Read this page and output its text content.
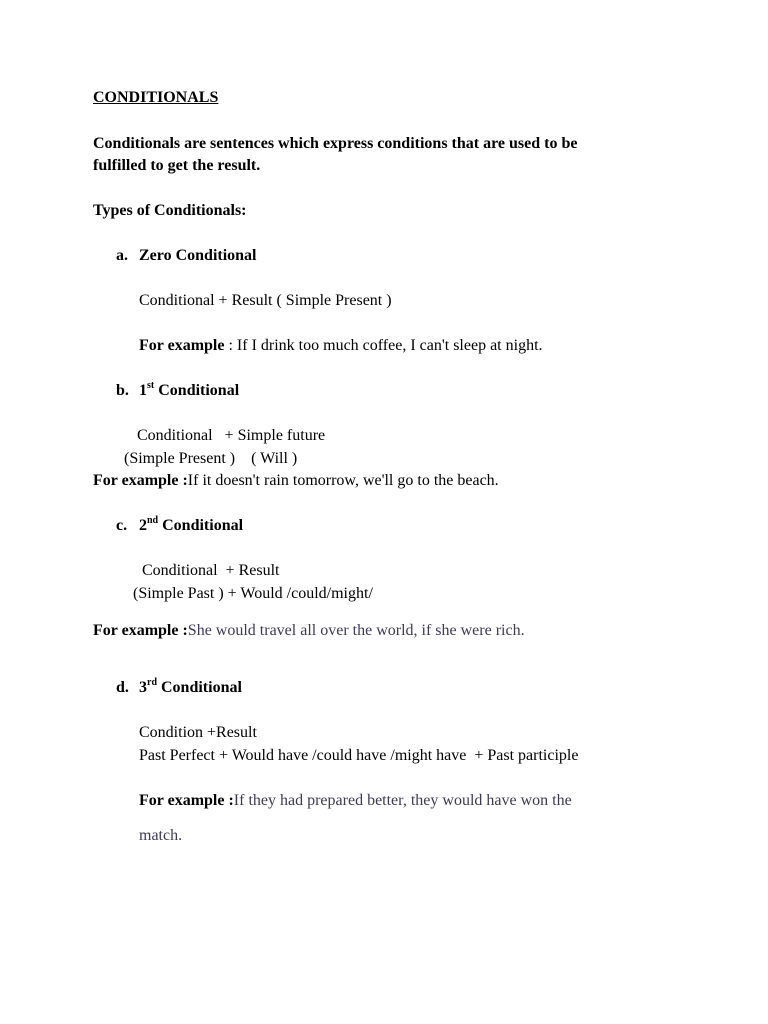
CONDITIONALS
Conditionals are sentences which express conditions that are used to be
fulfilled to get the result.
Types of Conditionals:
a. Zero Conditional
Conditional + Result ( Simple Present )
For example : If I drink too much coffee, I can't sleep at night.
b. 1st Conditional
Conditional   + Simple future
(Simple Present )    ( Will )
For example :If it doesn't rain tomorrow, we'll go to the beach.
c. 2nd Conditional
Conditional  + Result
(Simple Past ) + Would /could/might/
For example :She would travel all over the world, if she were rich.
d. 3rd Conditional
Condition +Result
Past Perfect + Would have /could have /might have  + Past participle
For example :If they had prepared better, they would have won the
match.
